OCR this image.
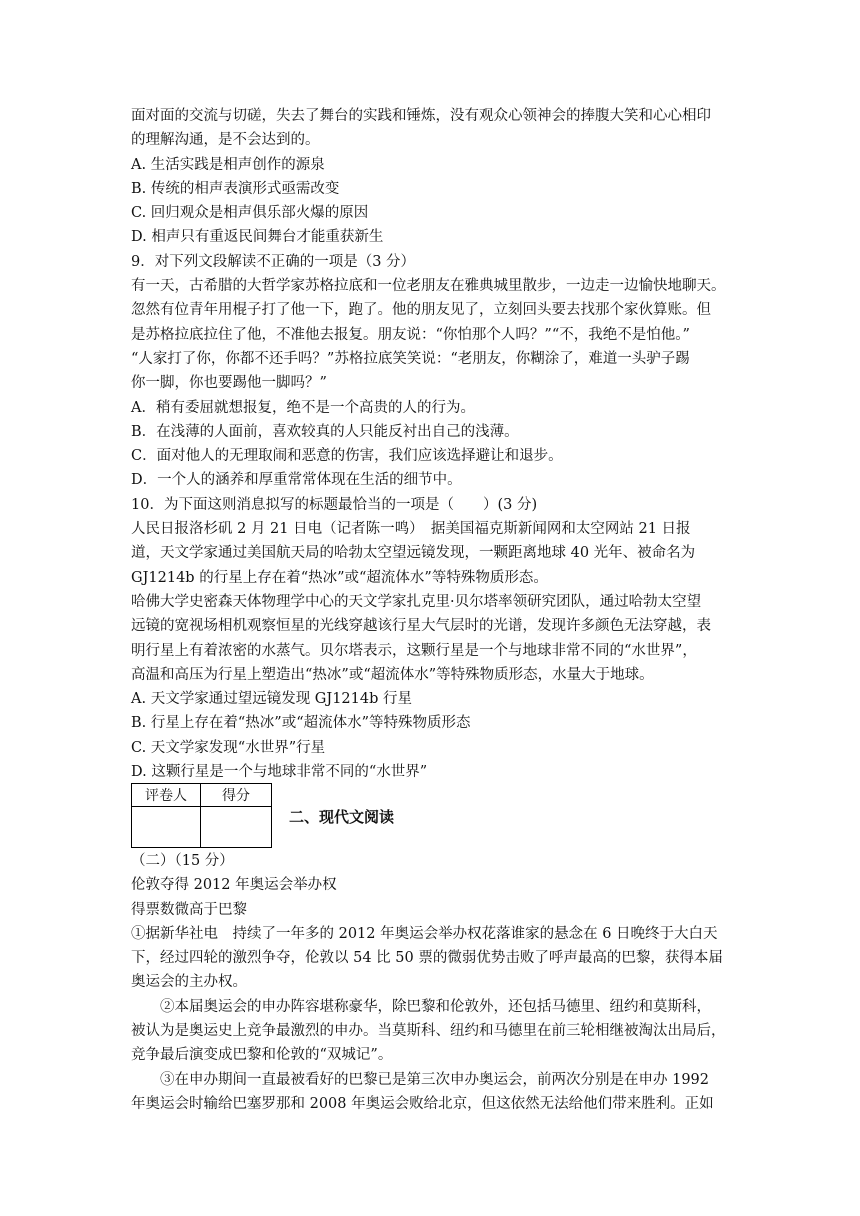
面对面的交流与切磋，失去了舞台的实践和锤炼，没有观众心领神会的捧腹大笑和心心相印
的理解沟通，是不会达到的。
A. 生活实践是相声创作的源泉
B. 传统的相声表演形式亟需改变
C. 回归观众是相声俱乐部火爆的原因
D. 相声只有重返民间舞台才能重获新生
9．对下列文段解读不正确的一项是（3 分）
有一天，古希腊的大哲学家苏格拉底和一位老朋友在雅典城里散步，一边走一边愉快地聊天。
忽然有位青年用棍子打了他一下，跑了。他的朋友见了，立刻回头要去找那个家伙算账。但
是苏格拉底拉住了他，不准他去报复。朋友说：“你怕那个人吗？”“不，我绝不是怕他。”
“人家打了你，你都不还手吗？”苏格拉底笑笑说：“老朋友，你糊涂了，难道一头驴子踢
你一脚，你也要踢他一脚吗？”
A．稍有委屈就想报复，绝不是一个高贵的人的行为。
B．在浅薄的人面前，喜欢较真的人只能反衬出自己的浅薄。
C．面对他人的无理取闹和恶意的伤害，我们应该选择避让和退步。
D．一个人的涵养和厚重常常体现在生活的细节中。
10．为下面这则消息拟写的标题最恰当的一项是（　　）(3 分)
人民日报洛杉矶 2 月 21 日电（记者陈一鸣）　据美国福克斯新闻网和太空网站 21 日报
道，天文学家通过美国航天局的哈勃太空望远镜发现，一颗距离地球 40 光年、被命名为
GJ1214b 的行星上存在着“热冰”或“超流体水”等特殊物质形态。
哈佛大学史密森天体物理学中心的天文学家扎克里·贝尔塔率领研究团队，通过哈勃太空望
远镜的宽视场相机观察恒星的光线穿越该行星大气层时的光谱，发现许多颜色无法穿越，表
明行星上有着浓密的水蒸气。贝尔塔表示，这颗行星是一个与地球非常不同的“水世界”，
高温和高压为行星上塑造出“热冰”或“超流体水”等特殊物质形态，水量大于地球。
A. 天文学家通过望远镜发现 GJ1214b 行星
B. 行星上存在着“热冰”或“超流体水”等特殊物质形态
C. 天文学家发现“水世界”行星
D. 这颗行星是一个与地球非常不同的“水世界”
评卷人	得分

二、现代文阅读
（二）（15 分）
伦敦夺得 2012 年奥运会举办权
得票数微高于巴黎
①据新华社电　持续了一年多的 2012 年奥运会举办权花落谁家的悬念在 6 日晚终于大白天
下，经过四轮的激烈争夺，伦敦以 54 比 50 票的微弱优势击败了呼声最高的巴黎，获得本届
奥运会的主办权。
②本届奥运会的申办阵容堪称豪华，除巴黎和伦敦外，还包括马德里、纽约和莫斯科，
被认为是奥运史上竞争最激烈的申办。当莫斯科、纽约和马德里在前三轮相继被淘汰出局后，
竞争最后演变成巴黎和伦敦的“双城记”。
③在申办期间一直最被看好的巴黎已是第三次申办奥运会，前两次分别是在申办 1992
年奥运会时输给巴塞罗那和 2008 年奥运会败给北京，但这依然无法给他们带来胜利。正如
